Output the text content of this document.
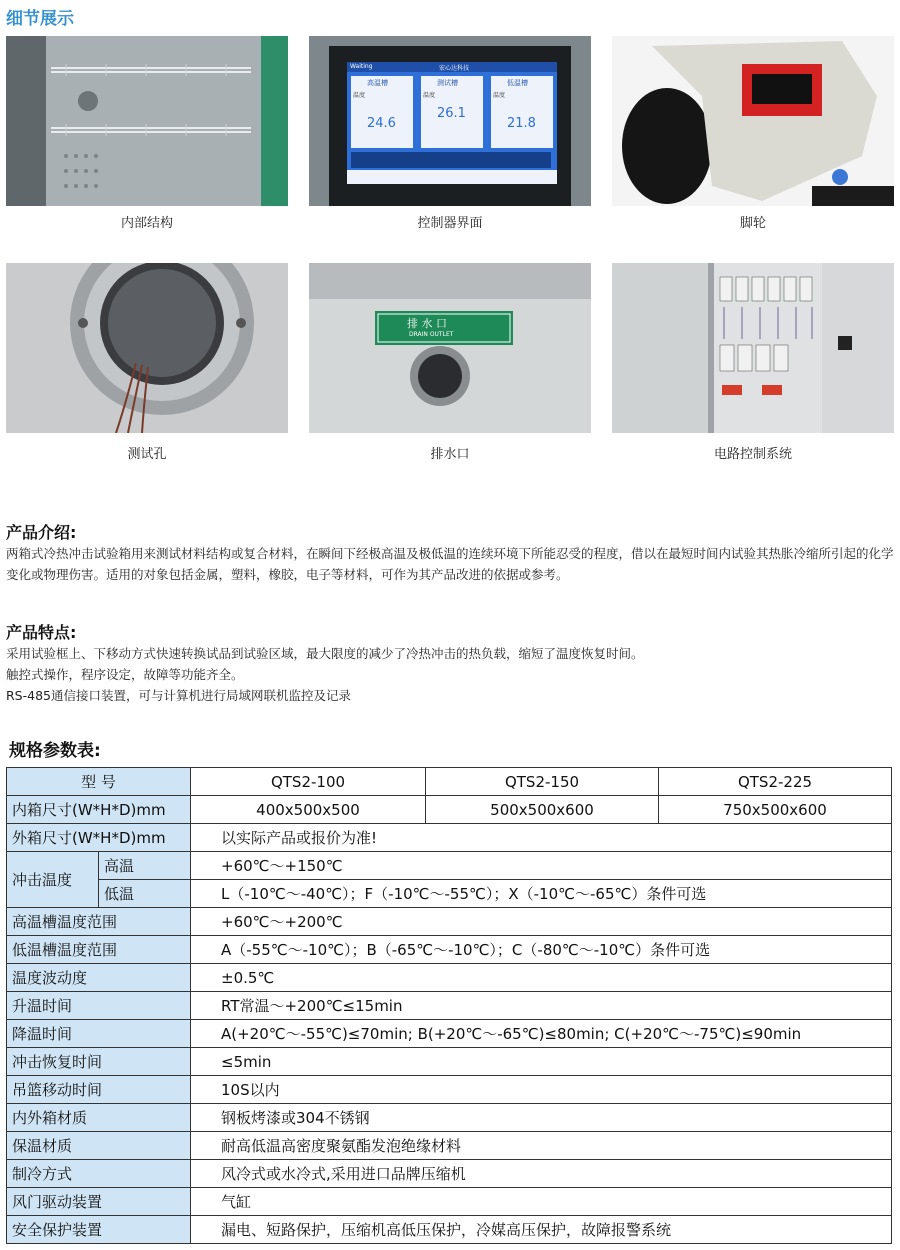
细节展示
内部结构
Waiting	宏心达科技
高温槽	测试槽	低温槽
温度	温度	温度
24.6
26.1
21.8
控制器界面	脚轮
测试孔
排 水 口
DRAIN OUTLET
排水口	电路控制系统
产品介绍:
两箱式冷热冲击试验箱用来测试材料结构或复合材料，在瞬间下经极高温及极低温的连续环境下所能忍受的程度，借以在最短时间内试验其热胀冷缩所引起的化学变化或物理伤害。适用的对象包括金属，塑料，橡胶，电子等材料，可作为其产品改进的依据或参考。
产品特点:
采用试验框上、下移动方式快速转换试品到试验区域，最大限度的减少了冷热冲击的热负载，缩短了温度恢复时间。
触控式操作，程序设定，故障等功能齐全。
RS-485通信接口装置，可与计算机进行局域网联机监控及记录
规格参数表:
型 号		QTS2-100	QTS2-150	QTS2-225
内箱尺寸(W*H*D)mm		400x500x500	500x500x600	750x500x600
外箱尺寸(W*H*D)mm		以实际产品或报价为准!		
冲击温度	高温	+60℃～+150℃		
	低温	L（-10℃～-40℃）；F（-10℃～-55℃）；X（-10℃～-65℃）条件可选		
高温槽温度范围		+60℃～+200℃		
低温槽温度范围		A（-55℃～-10℃）；B（-65℃～-10℃）；C（-80℃～-10℃）条件可选		
温度波动度		±0.5℃		
升温时间		RT常温～+200℃≤15min		
降温时间		A(+20℃～-55℃)≤70min; B(+20℃～-65℃)≤80min; C(+20℃～-75℃)≤90min		
冲击恢复时间		≤5min		
吊篮移动时间		10S以内		
内外箱材质		钢板烤漆或304不锈钢		
保温材质		耐高低温高密度聚氨酯发泡绝缘材料		
制冷方式		风冷式或水冷式,采用进口品牌压缩机		
风门驱动装置		气缸		
安全保护装置		漏电、短路保护，压缩机高低压保护，冷媒高压保护，故障报警系统		
